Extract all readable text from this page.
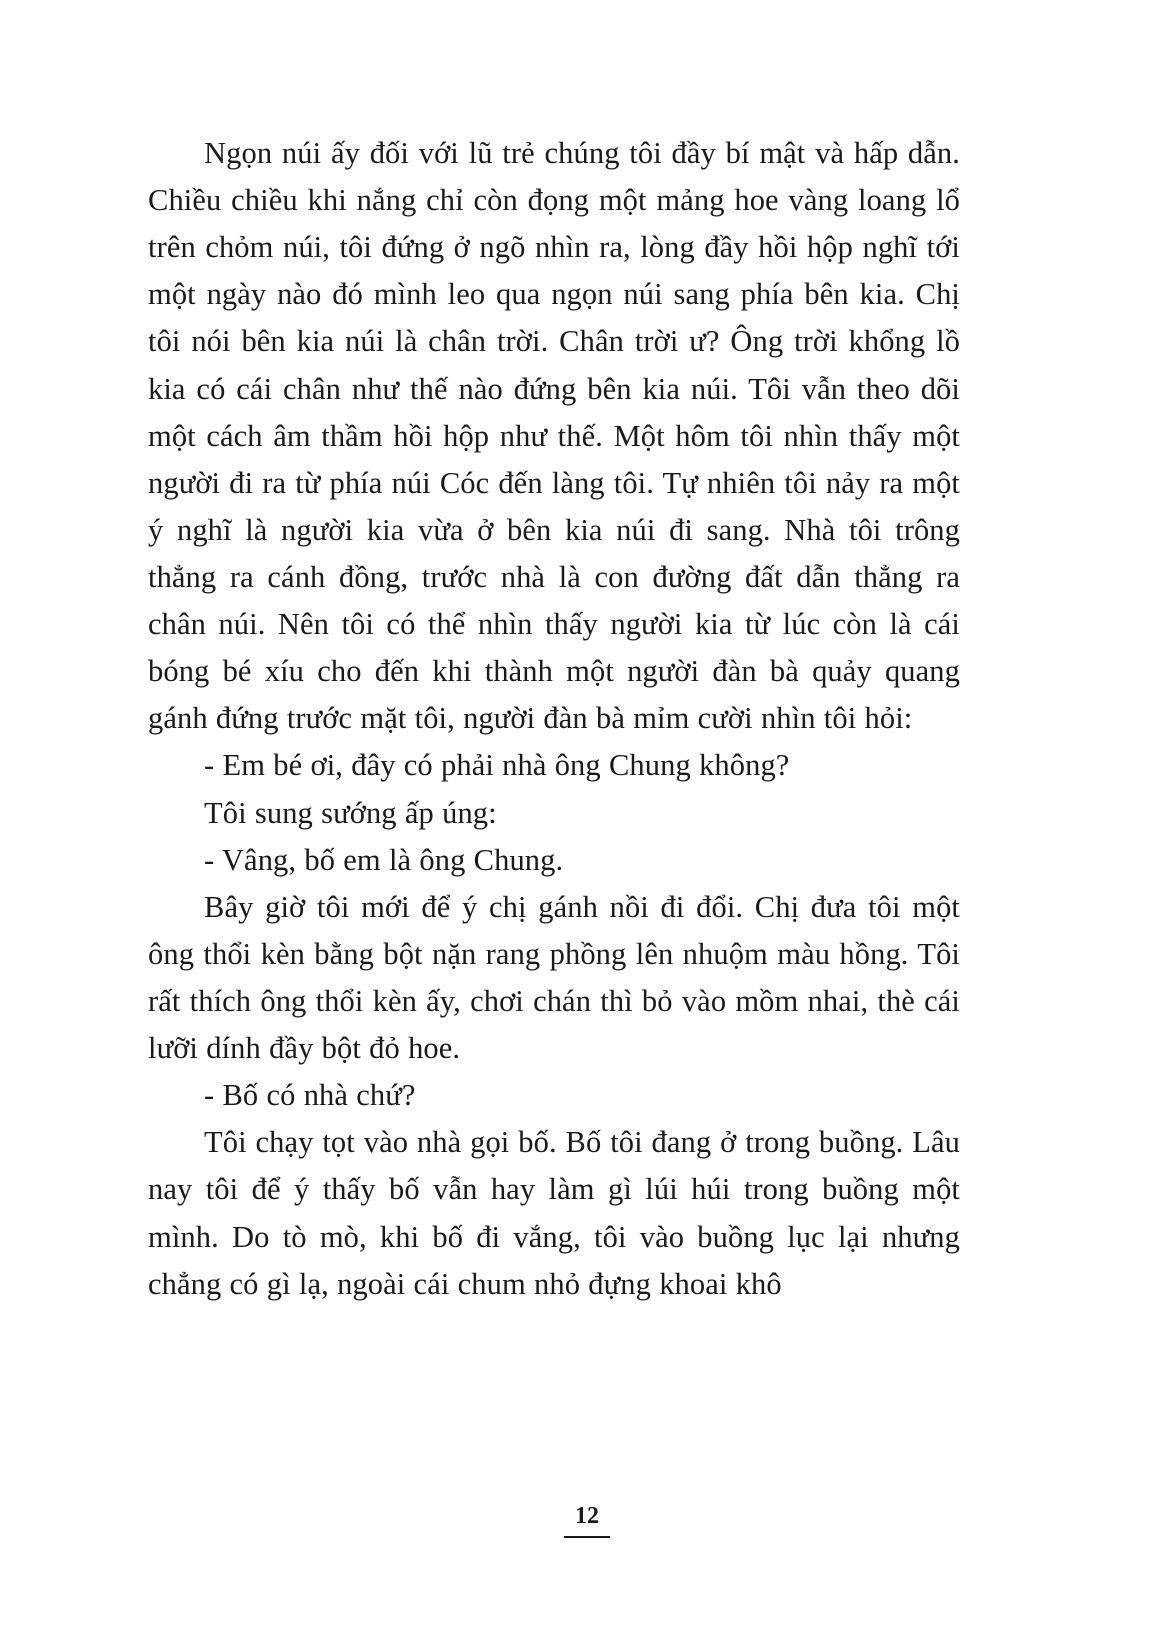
Ngọn núi ấy đối với lũ trẻ chúng tôi đầy bí mật và hấp dẫn. Chiều chiều khi nắng chỉ còn đọng một mảng hoe vàng loang lổ trên chỏm núi, tôi đứng ở ngõ nhìn ra, lòng đầy hồi hộp nghĩ tới một ngày nào đó mình leo qua ngọn núi sang phía bên kia. Chị tôi nói bên kia núi là chân trời. Chân trời ư? Ông trời khổng lồ kia có cái chân như thế nào đứng bên kia núi. Tôi vẫn theo dõi một cách âm thầm hồi hộp như thế. Một hôm tôi nhìn thấy một người đi ra từ phía núi Cóc đến làng tôi. Tự nhiên tôi nảy ra một ý nghĩ là người kia vừa ở bên kia núi đi sang. Nhà tôi trông thẳng ra cánh đồng, trước nhà là con đường đất dẫn thẳng ra chân núi. Nên tôi có thể nhìn thấy người kia từ lúc còn là cái bóng bé xíu cho đến khi thành một người đàn bà quảy quang gánh đứng trước mặt tôi, người đàn bà mỉm cười nhìn tôi hỏi:

- Em bé ơi, đây có phải nhà ông Chung không?

Tôi sung sướng ấp úng:

- Vâng, bố em là ông Chung.

Bây giờ tôi mới để ý chị gánh nồi đi đổi. Chị đưa tôi một ông thổi kèn bằng bột nặn rang phồng lên nhuộm màu hồng. Tôi rất thích ông thổi kèn ấy, chơi chán thì bỏ vào mồm nhai, thè cái lưỡi dính đầy bột đỏ hoe.

- Bố có nhà chứ?

Tôi chạy tọt vào nhà gọi bố. Bố tôi đang ở trong buồng. Lâu nay tôi để ý thấy bố vẫn hay làm gì lúi húi trong buồng một mình. Do tò mò, khi bố đi vắng, tôi vào buồng lục lại nhưng chẳng có gì lạ, ngoài cái chum nhỏ đựng khoai khô

12
